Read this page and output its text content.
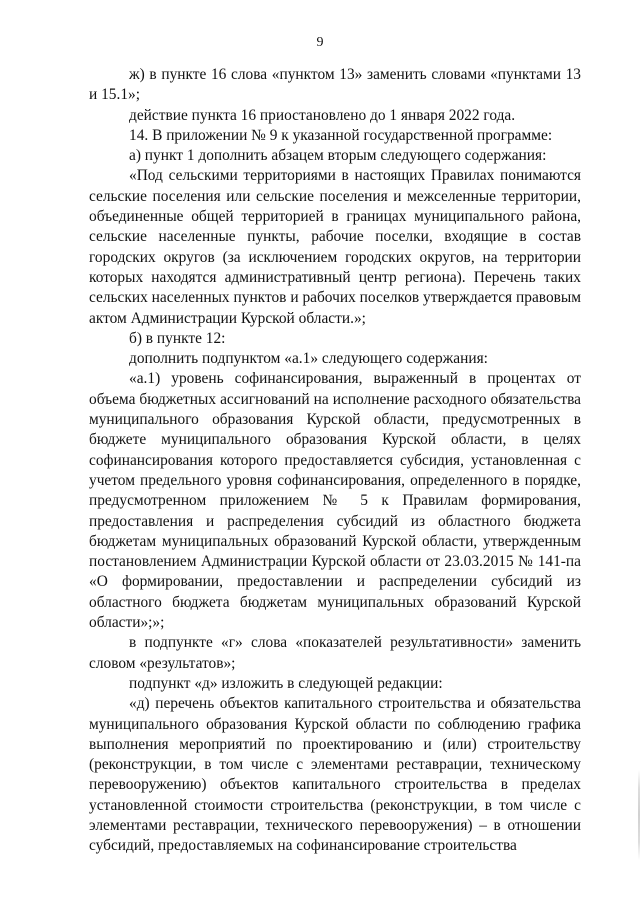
9

ж) в пункте 16 слова «пунктом 13» заменить словами «пунктами 13 и 15.1»;

действие пункта 16 приостановлено до 1 января 2022 года.

14. В приложении № 9 к указанной государственной программе:

а) пункт 1 дополнить абзацем вторым следующего содержания:

«Под сельскими территориями в настоящих Правилах понимаются сельские поселения или сельские поселения и межселенные территории, объединенные общей территорией в границах муниципального района, сельские населенные пункты, рабочие поселки, входящие в состав городских округов (за исключением городских округов, на территории которых находятся административный центр региона). Перечень таких сельских населенных пунктов и рабочих поселков утверждается правовым актом Администрации Курской области.»;

б) в пункте 12:

дополнить подпунктом «а.1» следующего содержания:

«а.1) уровень софинансирования, выраженный в процентах от объема бюджетных ассигнований на исполнение расходного обязательства муниципального образования Курской области, предусмотренных в бюджете муниципального образования Курской области, в целях софинансирования которого предоставляется субсидия, установленная с учетом предельного уровня софинансирования, определенного в порядке, предусмотренном приложением № 5 к Правилам формирования, предоставления и распределения субсидий из областного бюджета бюджетам муниципальных образований Курской области, утвержденным постановлением Администрации Курской области от 23.03.2015 № 141-па «О формировании, предоставлении и распределении субсидий из областного бюджета бюджетам муниципальных образований Курской области»;»;

в подпункте «г» слова «показателей результативности» заменить словом «результатов»;

подпункт «д» изложить в следующей редакции:

«д) перечень объектов капитального строительства и обязательства муниципального образования Курской области по соблюдению графика выполнения мероприятий по проектированию и (или) строительству (реконструкции, в том числе с элементами реставрации, техническому перевооружению) объектов капитального строительства в пределах установленной стоимости строительства (реконструкции, в том числе с элементами реставрации, технического перевооружения) – в отношении субсидий, предоставляемых на софинансирование строительства
